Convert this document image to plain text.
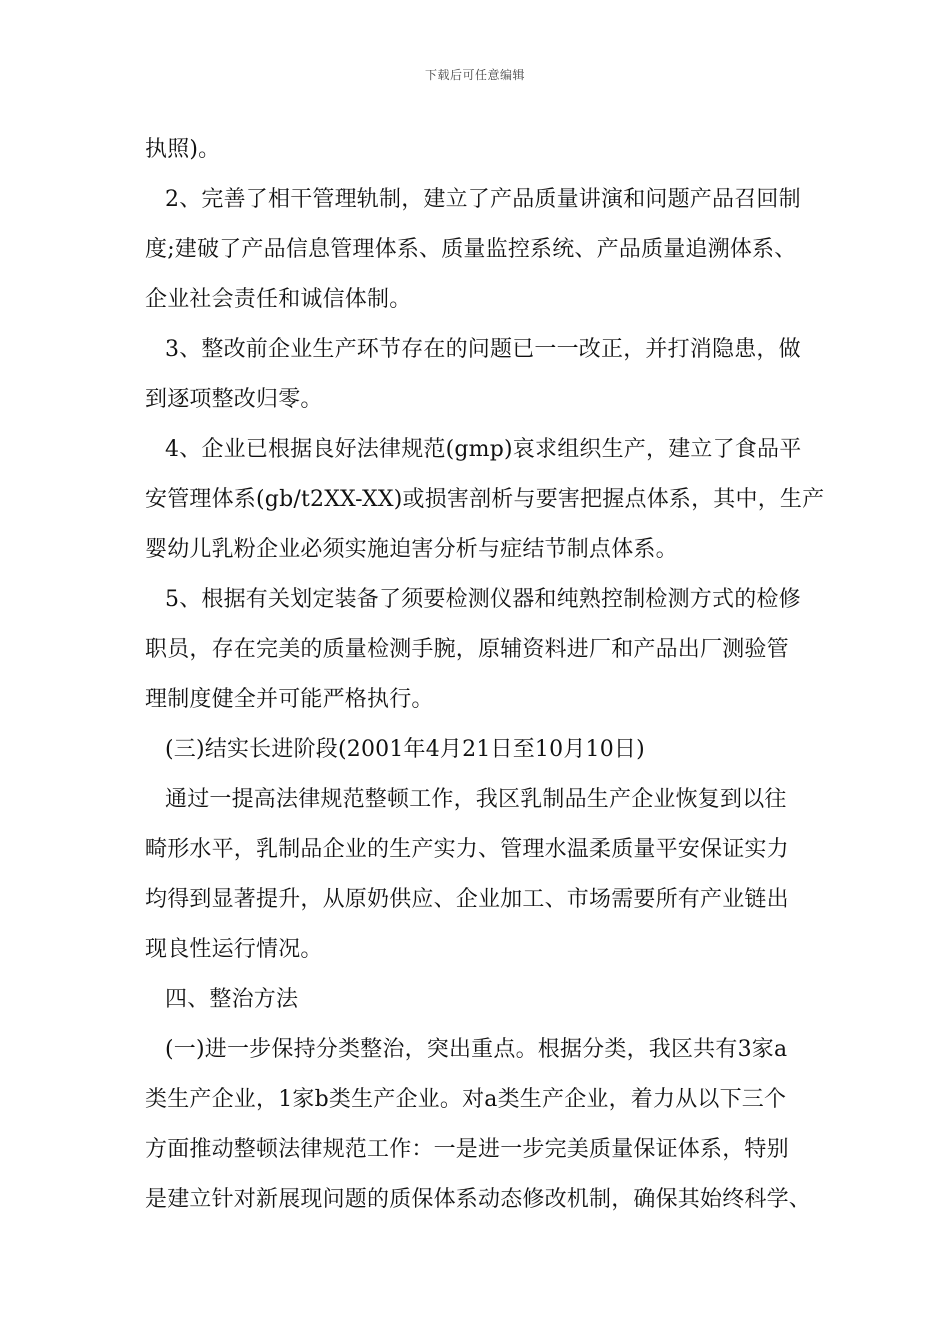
下载后可任意编辑
执照)。
2、完善了相干管理轨制，建立了产品质量讲演和问题产品召回制
度;建破了产品信息管理体系、质量监控系统、产品质量追溯体系、
企业社会责任和诚信体制。
3、整改前企业生产环节存在的问题已一一改正，并打消隐患，做
到逐项整改归零。
4、企业已根据良好法律规范(gmp)哀求组织生产，建立了食品平
安管理体系(gb/t2XX-XX)或损害剖析与要害把握点体系，其中，生产
婴幼儿乳粉企业必须实施迫害分析与症结节制点体系。
5、根据有关划定装备了须要检测仪器和纯熟控制检测方式的检修
职员，存在完美的质量检测手腕，原辅资料进厂和产品出厂测验管
理制度健全并可能严格执行。
(三)结实长进阶段(2001年4月21日至10月10日)
通过一提高法律规范整顿工作，我区乳制品生产企业恢复到以往
畸形水平，乳制品企业的生产实力、管理水温柔质量平安保证实力
均得到显著提升，从原奶供应、企业加工、市场需要所有产业链出
现良性运行情况。
四、整治方法
(一)进一步保持分类整治，突出重点。根据分类，我区共有3家a
类生产企业，1家b类生产企业。对a类生产企业，着力从以下三个
方面推动整顿法律规范工作：一是进一步完美质量保证体系，特别
是建立针对新展现问题的质保体系动态修改机制，确保其始终科学、
